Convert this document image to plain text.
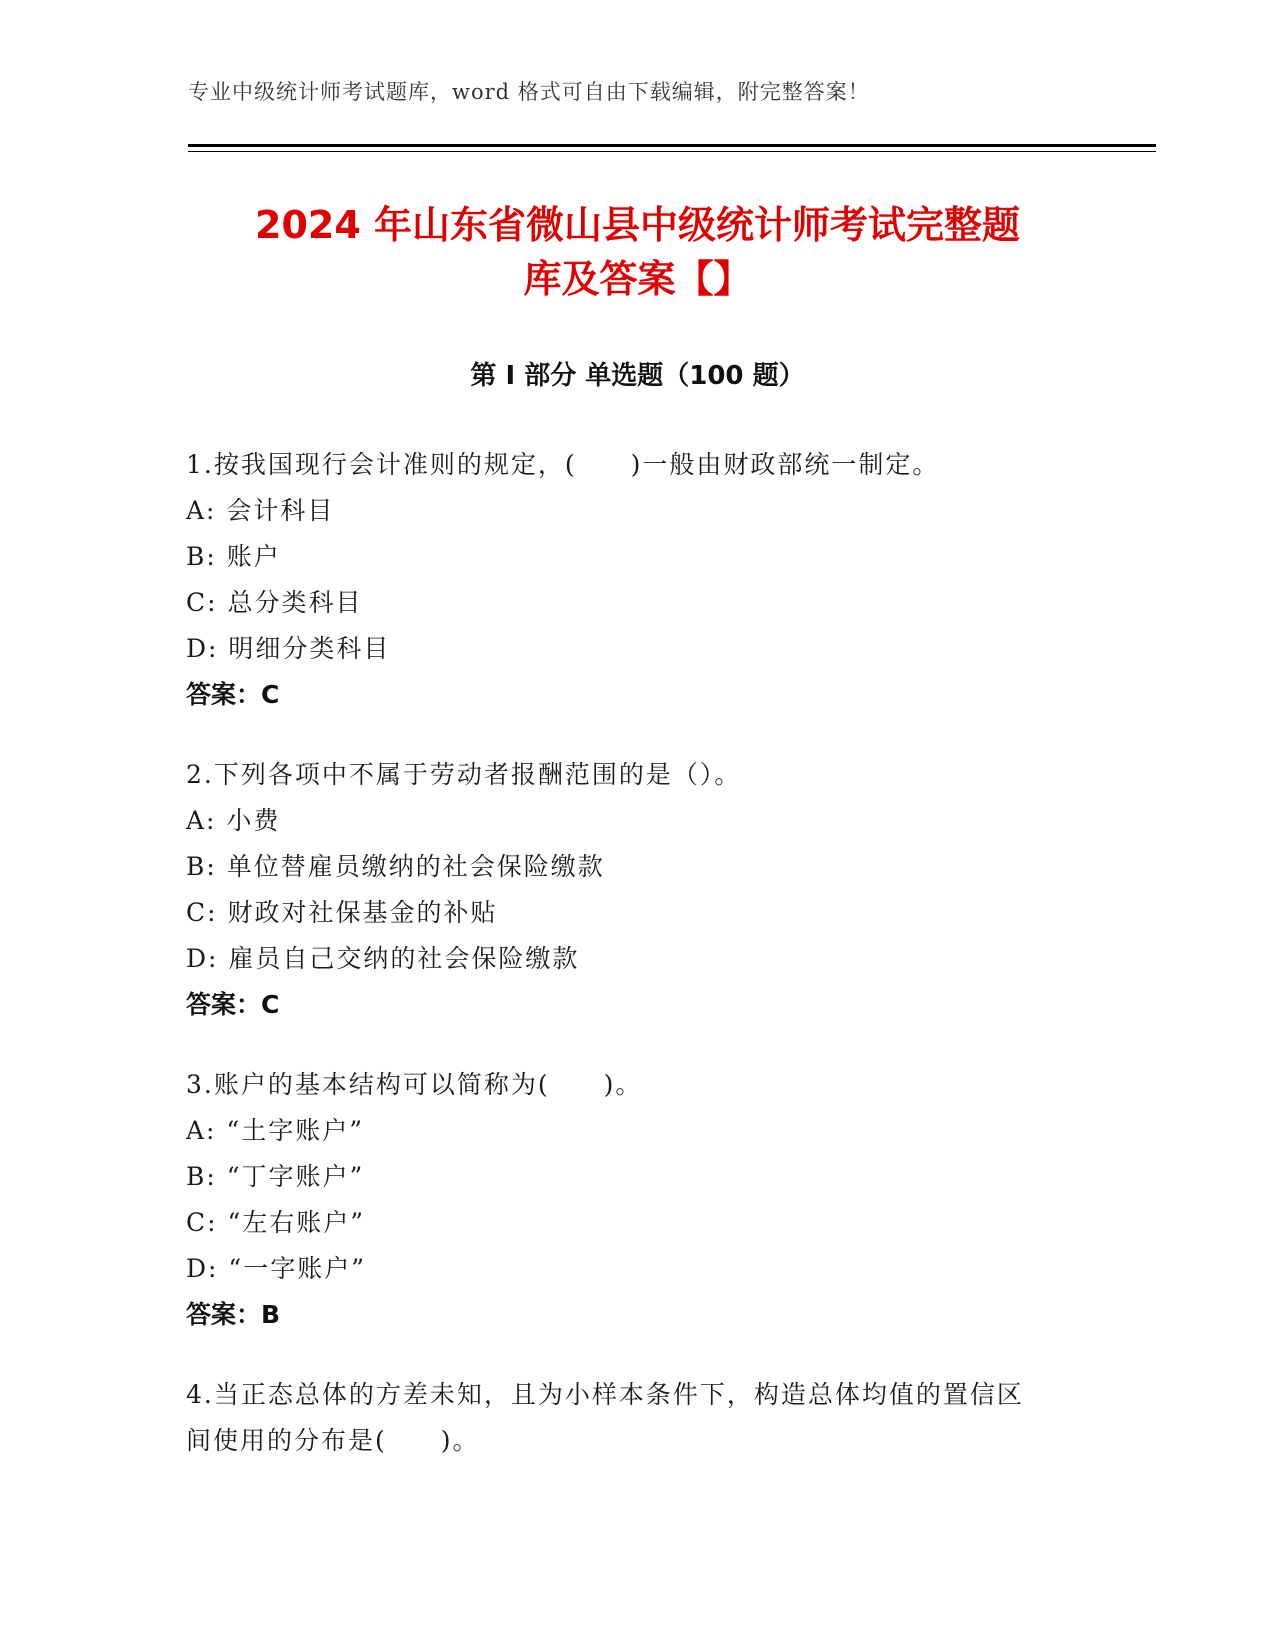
专业中级统计师考试题库，word 格式可自由下载编辑，附完整答案！
2024 年山东省微山县中级统计师考试完整题
库及答案【】
第 I 部分 单选题（100 题）
1.按我国现行会计准则的规定，(　　)一般由财政部统一制定。
A: 会计科目
B: 账户
C: 总分类科目
D: 明细分类科目
答案：C
2.下列各项中不属于劳动者报酬范围的是（）。
A: 小费
B: 单位替雇员缴纳的社会保险缴款
C: 财政对社保基金的补贴
D: 雇员自己交纳的社会保险缴款
答案：C
3.账户的基本结构可以简称为(　　)。
A: “土字账户”
B: “丁字账户”
C: “左右账户”
D: “一字账户”
答案：B
4.当正态总体的方差未知，且为小样本条件下，构造总体均值的置信区间使用的分布是(　　)。
